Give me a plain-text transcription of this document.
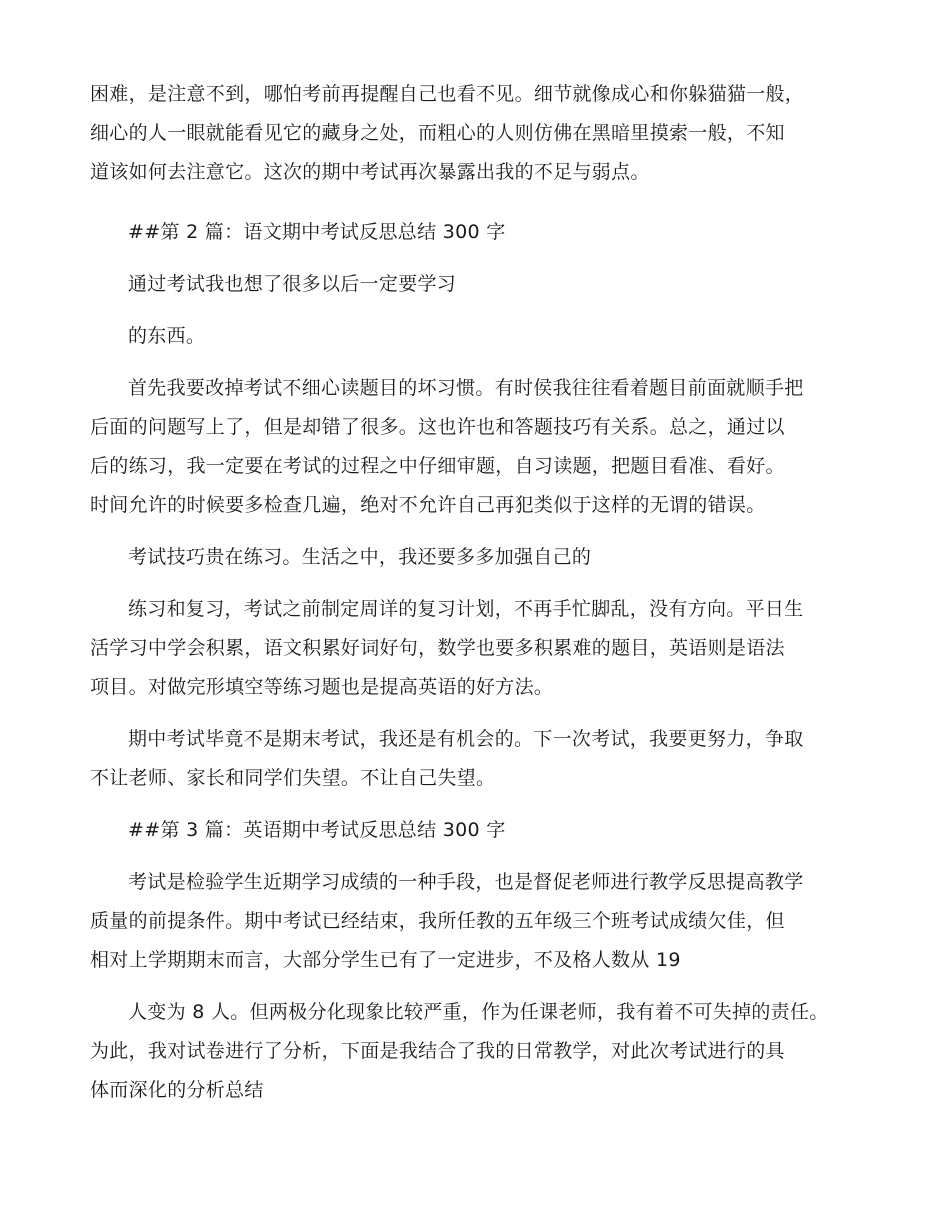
困难，是注意不到，哪怕考前再提醒自己也看不见。细节就像成心和你躲猫猫一般，
细心的人一眼就能看见它的藏身之处，而粗心的人则仿佛在黑暗里摸索一般，不知
道该如何去注意它。这次的期中考试再次暴露出我的不足与弱点。
##第 2 篇：语文期中考试反思总结 300 字
通过考试我也想了很多以后一定要学习
的东西。
首先我要改掉考试不细心读题目的坏习惯。有时侯我往往看着题目前面就顺手把
后面的问题写上了，但是却错了很多。这也许也和答题技巧有关系。总之，通过以
后的练习，我一定要在考试的过程之中仔细审题，自习读题，把题目看准、看好。
时间允许的时候要多检查几遍，绝对不允许自己再犯类似于这样的无谓的错误。
考试技巧贵在练习。生活之中，我还要多多加强自己的
练习和复习，考试之前制定周详的复习计划，不再手忙脚乱，没有方向。平日生
活学习中学会积累，语文积累好词好句，数学也要多积累难的题目，英语则是语法
项目。对做完形填空等练习题也是提高英语的好方法。
期中考试毕竟不是期末考试，我还是有机会的。下一次考试，我要更努力，争取
不让老师、家长和同学们失望。不让自己失望。
##第 3 篇：英语期中考试反思总结 300 字
考试是检验学生近期学习成绩的一种手段，也是督促老师进行教学反思提高教学
质量的前提条件。期中考试已经结束，我所任教的五年级三个班考试成绩欠佳，但
相对上学期期末而言，大部分学生已有了一定进步，不及格人数从 19
人变为 8 人。但两极分化现象比较严重，作为任课老师，我有着不可失掉的责任。
为此，我对试卷进行了分析，下面是我结合了我的日常教学，对此次考试进行的具
体而深化的分析总结
